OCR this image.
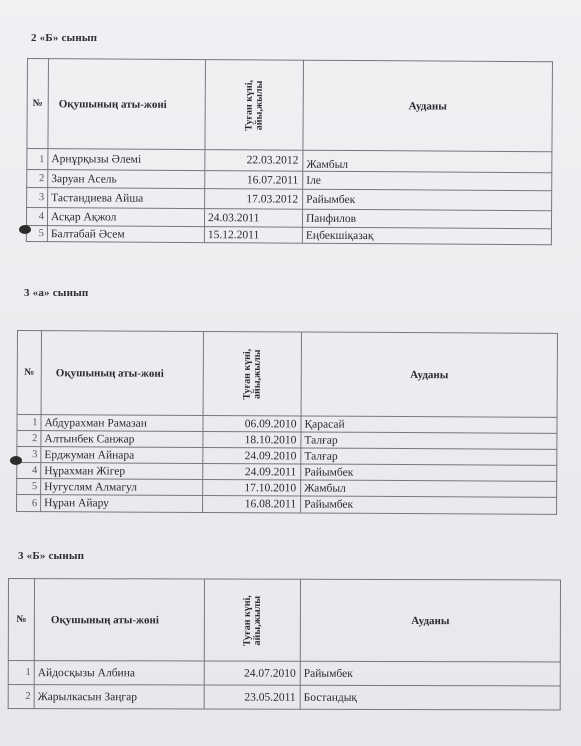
2 «Б» сынып
№	Оқушының аты-жөні	Туған күні, айы,жылы	Ауданы
1	Арнұрқызы Әлемі	22.03.2012	Жамбыл
2	Заруан Асель	16.07.2011	Іле
3	Тастандиева Айша	17.03.2012	Райымбек
4	Асқар Ақжол	24.03.2011	Панфилов
5	Балтабай Әсем	15.12.2011	Еңбекшіқазақ
3 «а» сынып
№	Оқушының аты-жөні	Туған күні, айы,жылы	Ауданы
1	Абдурахман Рамазан	06.09.2010	Қарасай
2	Алтынбек Санжар	18.10.2010	Талғар
3	Ерджуман Айнара	24.09.2010	Талғар
4	Нұрахман Жігер	24.09.2011	Райымбек
5	Нугуслям Алмагул	17.10.2010	Жамбыл
6	Нұран Айару	16.08.2011	Райымбек
3 «Б» сынып
№	Оқушының аты-жөні	Туған күні, айы,жылы	Ауданы
1	Айдосқызы Албина	24.07.2010	Райымбек
2	Жарылкасын Заңгар	23.05.2011	Бостандық
